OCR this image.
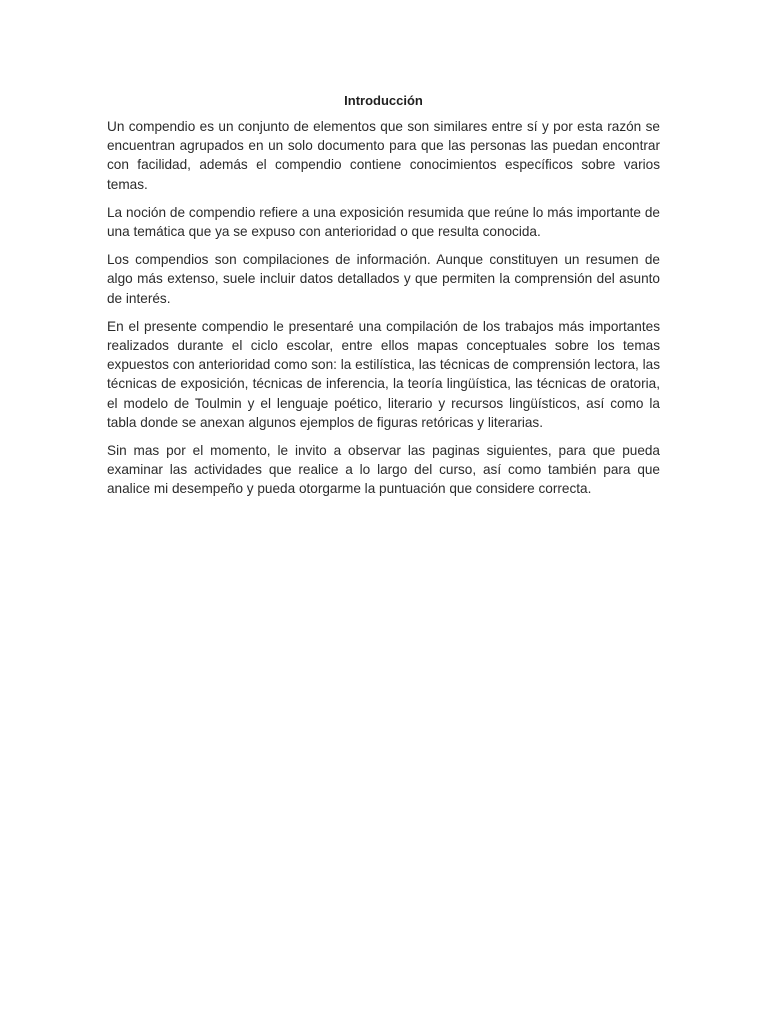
Introducción

Un compendio es un conjunto de elementos que son similares entre sí y por esta razón se encuentran agrupados en un solo documento para que las personas las puedan encontrar con facilidad, además el compendio contiene conocimientos específicos sobre varios temas.

La noción de compendio refiere a una exposición resumida que reúne lo más importante de una temática que ya se expuso con anterioridad o que resulta conocida.

Los compendios son compilaciones de información. Aunque constituyen un resumen de algo más extenso, suele incluir datos detallados y que permiten la comprensión del asunto de interés.

En el presente compendio le presentaré una compilación de los trabajos más importantes realizados durante el ciclo escolar, entre ellos mapas conceptuales sobre los temas expuestos con anterioridad como son: la estilística, las técnicas de comprensión lectora, las técnicas de exposición, técnicas de inferencia, la teoría lingüística, las técnicas de oratoria, el modelo de Toulmin y el lenguaje poético, literario y recursos lingüísticos, así como la tabla donde se anexan algunos ejemplos de figuras retóricas y literarias.

Sin mas por el momento, le invito a observar las paginas siguientes, para que pueda examinar las actividades que realice a lo largo del curso, así como también para que analice mi desempeño y pueda otorgarme la puntuación que considere correcta.
